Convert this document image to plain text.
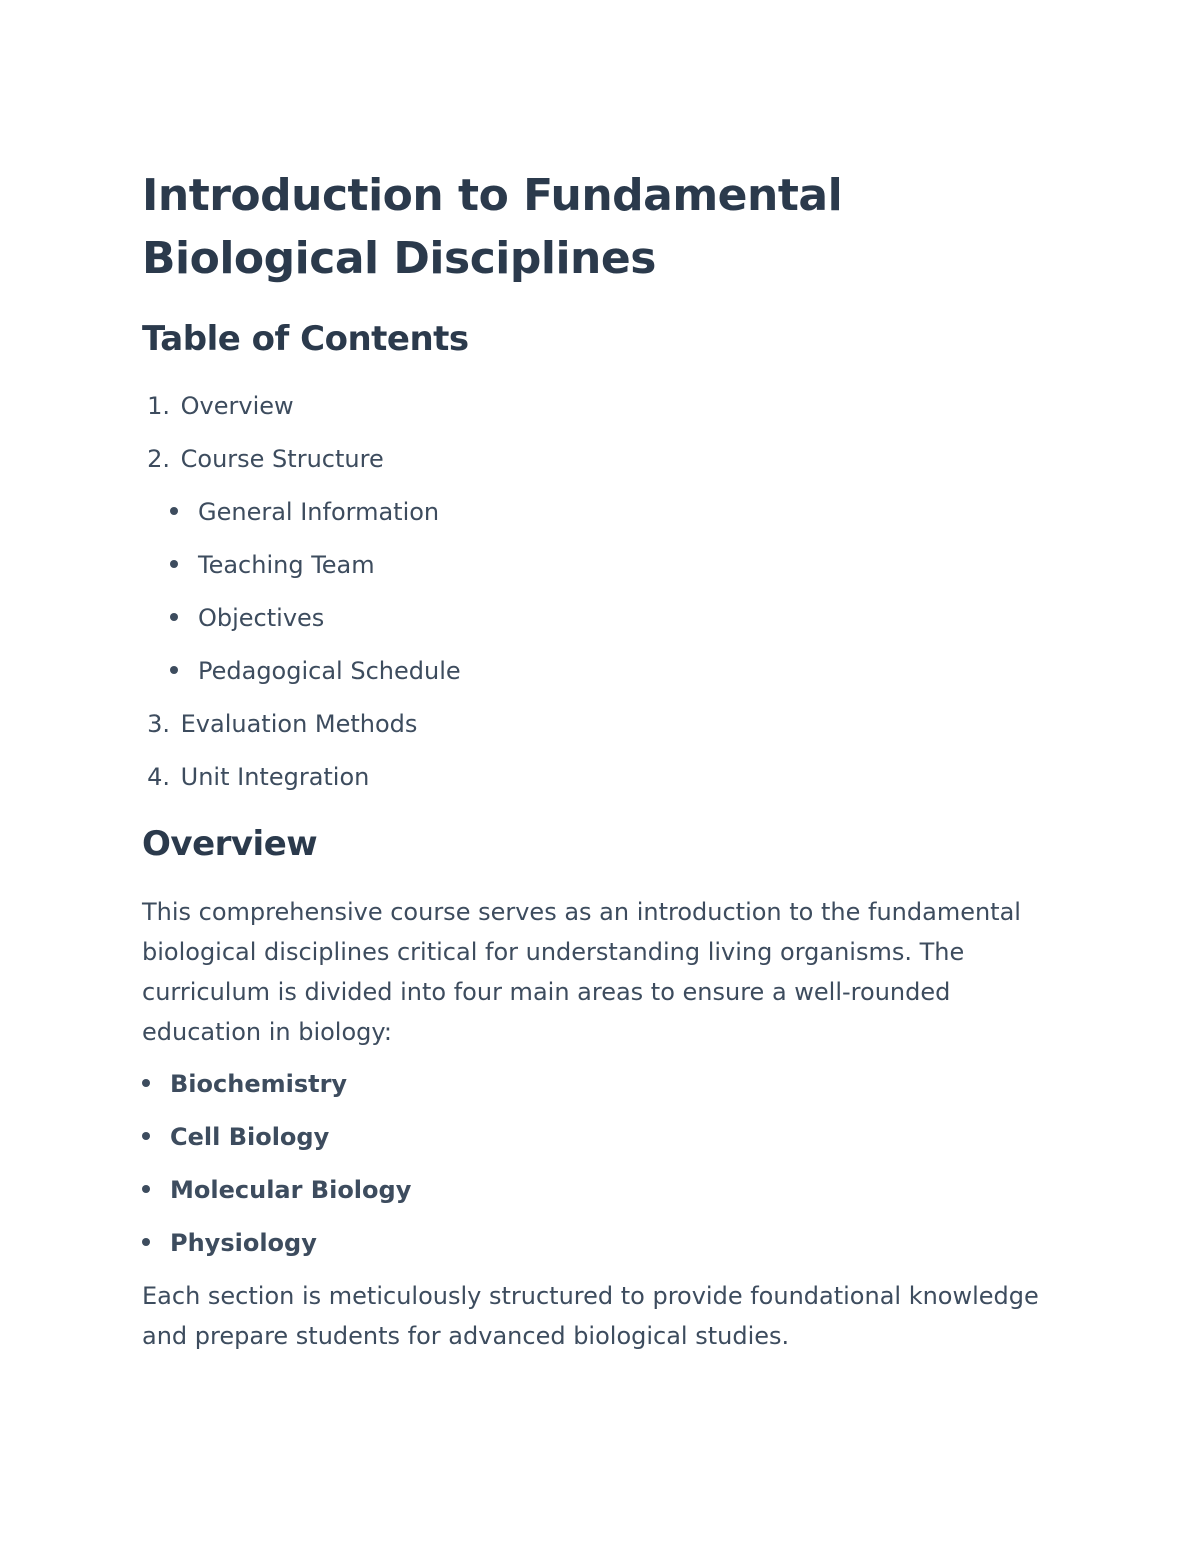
Introduction to Fundamental Biological Disciplines
Table of Contents
1. Overview
2. Course Structure
General Information
Teaching Team
Objectives
Pedagogical Schedule
3. Evaluation Methods
4. Unit Integration
Overview

This comprehensive course serves as an introduction to the fundamental biological disciplines critical for understanding living organisms. The curriculum is divided into four main areas to ensure a well-rounded education in biology:

Biochemistry
Cell Biology
Molecular Biology
Physiology

Each section is meticulously structured to provide foundational knowledge and prepare students for advanced biological studies.
